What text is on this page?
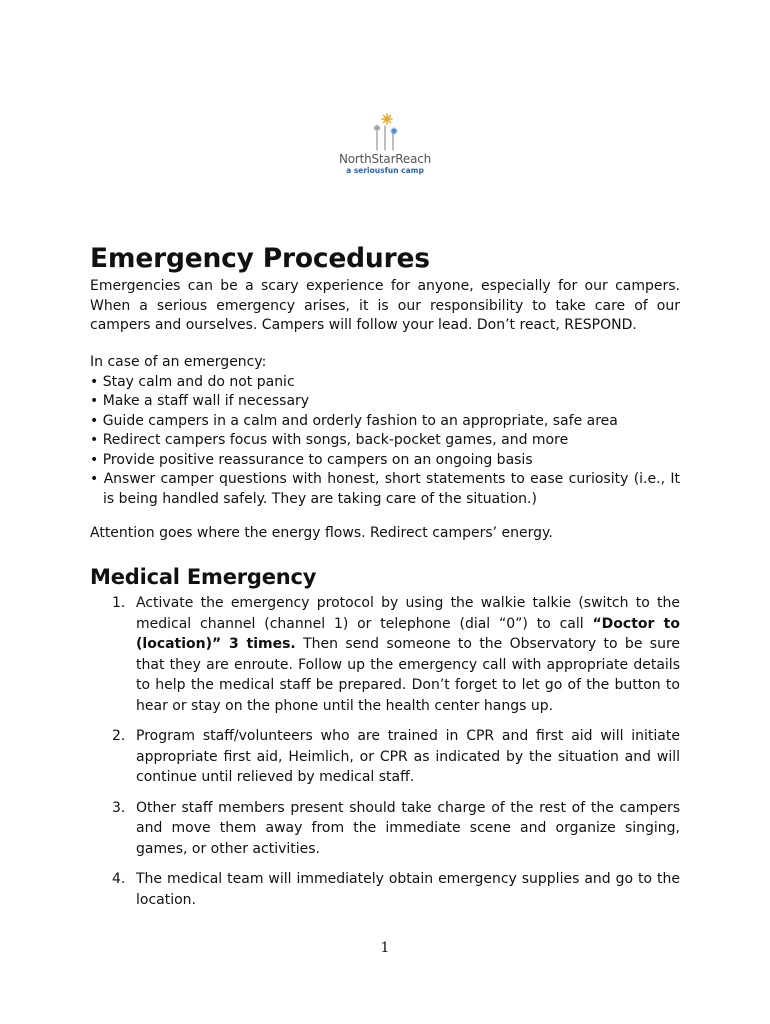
NorthStarReach
a seriousfun camp
Emergency Procedures

Emergencies can be a scary experience for anyone, especially for our campers. When a serious emergency arises, it is our responsibility to take care of our campers and ourselves. Campers will follow your lead. Don’t react, RESPOND.

In case of an emergency:

• Stay calm and do not panic
• Make a staff wall if necessary
• Guide campers in a calm and orderly fashion to an appropriate, safe area
• Redirect campers focus with songs, back-pocket games, and more
• Provide positive reassurance to campers on an ongoing basis
• Answer camper questions with honest, short statements to ease curiosity (i.e., It is being handled safely. They are taking care of the situation.)

Attention goes where the energy flows. Redirect campers’ energy.

Medical Emergency
1. Activate the emergency protocol by using the walkie talkie (switch to the medical channel (channel 1) or telephone (dial “0”) to call “Doctor to (location)” 3 times. Then send someone to the Observatory to be sure that they are enroute. Follow up the emergency call with appropriate details to help the medical staff be prepared. Don’t forget to let go of the button to hear or stay on the phone until the health center hangs up.
2. Program staff/volunteers who are trained in CPR and first aid will initiate appropriate first aid, Heimlich, or CPR as indicated by the situation and will continue until relieved by medical staff.
3. Other staff members present should take charge of the rest of the campers and move them away from the immediate scene and organize singing, games, or other activities.
4. The medical team will immediately obtain emergency supplies and go to the location.
1
